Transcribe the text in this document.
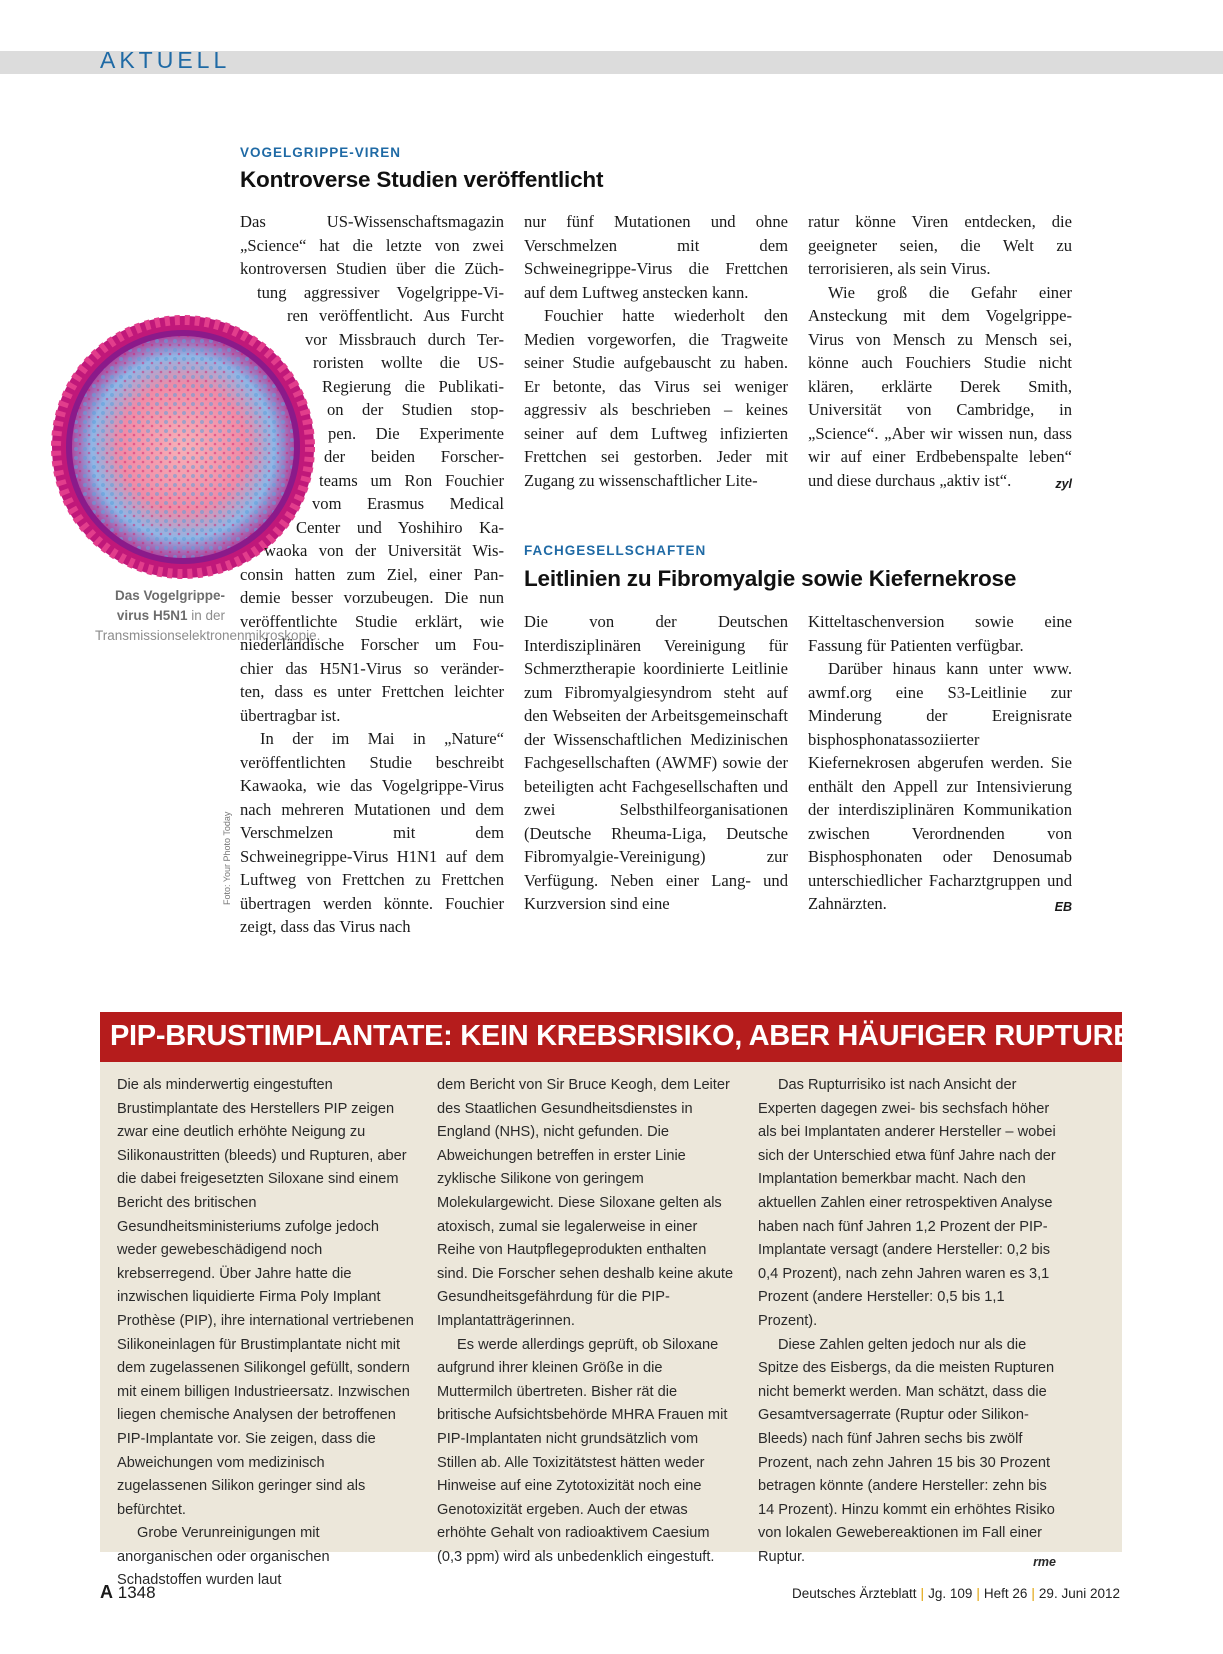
AKTUELL
Das Vogelgrippe-virus H5N1 in der Transmissionselektronenmikroskopie.
Foto: Your Photo Today
VOGELGRIPPE-VIREN
Kontroverse Studien veröffentlicht
Das US-Wissenschaftsmagazin
„Science“ hat die letzte von zwei
kontroversen Studien über die Züch-
tung aggressiver Vogelgrippe-Vi-
ren veröffentlicht. Aus Furcht
vor Missbrauch durch Ter-
roristen wollte die US-
Regierung die Publikati-
on der Studien stop-
pen. Die Experimente
der beiden Forscher-
teams um Ron Fouchier
vom Erasmus Medical
Center und Yoshihiro Ka-
waoka von der Universität Wis-
consin hatten zum Ziel, einer Pan-
demie besser vorzubeugen. Die nun
veröffentlichte Studie erklärt, wie
niederländische Forscher um Fou-
chier das H5N1-Virus so veränder-
ten, dass es unter Frettchen leichter
übertragbar ist.

In der im Mai in „Nature“ veröffentlichten Studie beschreibt Kawaoka, wie das Vogelgrippe-Virus nach mehreren Mutationen und dem Verschmelzen mit dem Schweinegrippe-Virus H1N1 auf dem Luftweg von Frettchen zu Frettchen übertragen werden könnte. Fouchier zeigt, dass das Virus nach

nur fünf Mutationen und ohne Verschmelzen mit dem Schweinegrippe-Virus die Frettchen auf dem Luftweg anstecken kann.

Fouchier hatte wiederholt den Medien vorgeworfen, die Tragweite seiner Studie aufgebauscht zu haben. Er betonte, das Virus sei weniger aggressiv als beschrieben – keines seiner auf dem Luftweg infizierten Frettchen sei gestorben. Jeder mit Zugang zu wissenschaftlicher Lite-

ratur könne Viren entdecken, die geeigneter seien, die Welt zu terrorisieren, als sein Virus.

Wie groß die Gefahr einer Ansteckung mit dem Vogelgrippe-Virus von Mensch zu Mensch sei, könne auch Fouchiers Studie nicht klären, erklärte Derek Smith, Universität von Cambridge, in „Science“. „Aber wir wissen nun, dass wir auf einer Erdbebenspalte leben“ und diese durchaus „aktiv ist“.	zyl

FACHGESELLSCHAFTEN
Leitlinien zu Fibromyalgie sowie Kiefernekrose

Die von der Deutschen Interdisziplinären Vereinigung für Schmerztherapie koordinierte Leitlinie zum Fibromyalgiesyndrom steht auf den Webseiten der Arbeitsgemeinschaft der Wissenschaftlichen Medizinischen Fachgesellschaften (AWMF) sowie der beteiligten acht Fachgesellschaften und zwei Selbsthilfeorganisationen (Deutsche Rheuma-Liga, Deutsche Fibromyalgie-Vereinigung) zur Verfügung. Neben einer Lang- und Kurzversion sind eine

Kitteltaschenversion sowie eine Fassung für Patienten verfügbar.

Darüber hinaus kann unter www. awmf.org eine S3-Leitlinie zur Minderung der Ereignisrate bisphosphonatassoziierter Kiefernekrosen abgerufen werden. Sie enthält den Appell zur Intensivierung der interdisziplinären Kommunikation zwischen Verordnenden von Bisphosphonaten oder Denosumab unterschiedlicher Facharztgruppen und Zahnärzten.	EB

PIP-BRUSTIMPLANTATE: KEIN KREBSRISIKO, ABER HÄUFIGER RUPTUREN

Die als minderwertig eingestuften Brustimplantate des Herstellers PIP zeigen zwar eine deutlich erhöhte Neigung zu Silikonaustritten (bleeds) und Rupturen, aber die dabei freigesetzten Siloxane sind einem Bericht des britischen Gesundheitsministeriums zufolge jedoch weder gewebeschädigend noch krebserregend. Über Jahre hatte die inzwischen liquidierte Firma Poly Implant Prothèse (PIP), ihre international vertriebenen Silikoneinlagen für Brustimplantate nicht mit dem zugelassenen Silikongel gefüllt, sondern mit einem billigen Industrieersatz. Inzwischen liegen chemische Analysen der betroffenen PIP-Implantate vor. Sie zeigen, dass die Abweichungen vom medizinisch zugelassenen Silikon geringer sind als befürchtet.

Grobe Verunreinigungen mit anorganischen oder organischen Schadstoffen wurden laut

dem Bericht von Sir Bruce Keogh, dem Leiter des Staatlichen Gesundheitsdienstes in England (NHS), nicht gefunden. Die Abweichungen betreffen in erster Linie zyklische Silikone von geringem Molekulargewicht. Diese Siloxane gelten als atoxisch, zumal sie legalerweise in einer Reihe von Hautpflegeprodukten enthalten sind. Die Forscher sehen deshalb keine akute Gesundheitsgefährdung für die PIP-Implantatträgerinnen.

Es werde allerdings geprüft, ob Siloxane aufgrund ihrer kleinen Größe in die Muttermilch übertreten. Bisher rät die britische Aufsichtsbehörde MHRA Frauen mit PIP-Implantaten nicht grundsätzlich vom Stillen ab. Alle Toxizitätstest hätten weder Hinweise auf eine Zytotoxizität noch eine Genotoxizität ergeben. Auch der etwas erhöhte Gehalt von radioaktivem Caesium (0,3 ppm) wird als unbedenklich eingestuft.

Das Rupturrisiko ist nach Ansicht der Experten dagegen zwei- bis sechsfach höher als bei Implantaten anderer Hersteller – wobei sich der Unterschied etwa fünf Jahre nach der Implantation bemerkbar macht. Nach den aktuellen Zahlen einer retrospektiven Analyse haben nach fünf Jahren 1,2 Prozent der PIP-Implantate versagt (andere Hersteller: 0,2 bis 0,4 Prozent), nach zehn Jahren waren es 3,1 Prozent (andere Hersteller: 0,5 bis 1,1 Prozent).

Diese Zahlen gelten jedoch nur als die Spitze des Eisbergs, da die meisten Rupturen nicht bemerkt werden. Man schätzt, dass die Gesamtversagerrate (Ruptur oder Silikon-Bleeds) nach fünf Jahren sechs bis zwölf Prozent, nach zehn Jahren 15 bis 30 Prozent betragen könnte (andere Hersteller: zehn bis 14 Prozent). Hinzu kommt ein erhöhtes Risiko von lokalen Gewebereaktionen im Fall einer Ruptur.	rme

A 1348	Deutsches Ärzteblatt | Jg. 109 | Heft 26 | 29. Juni 2012
